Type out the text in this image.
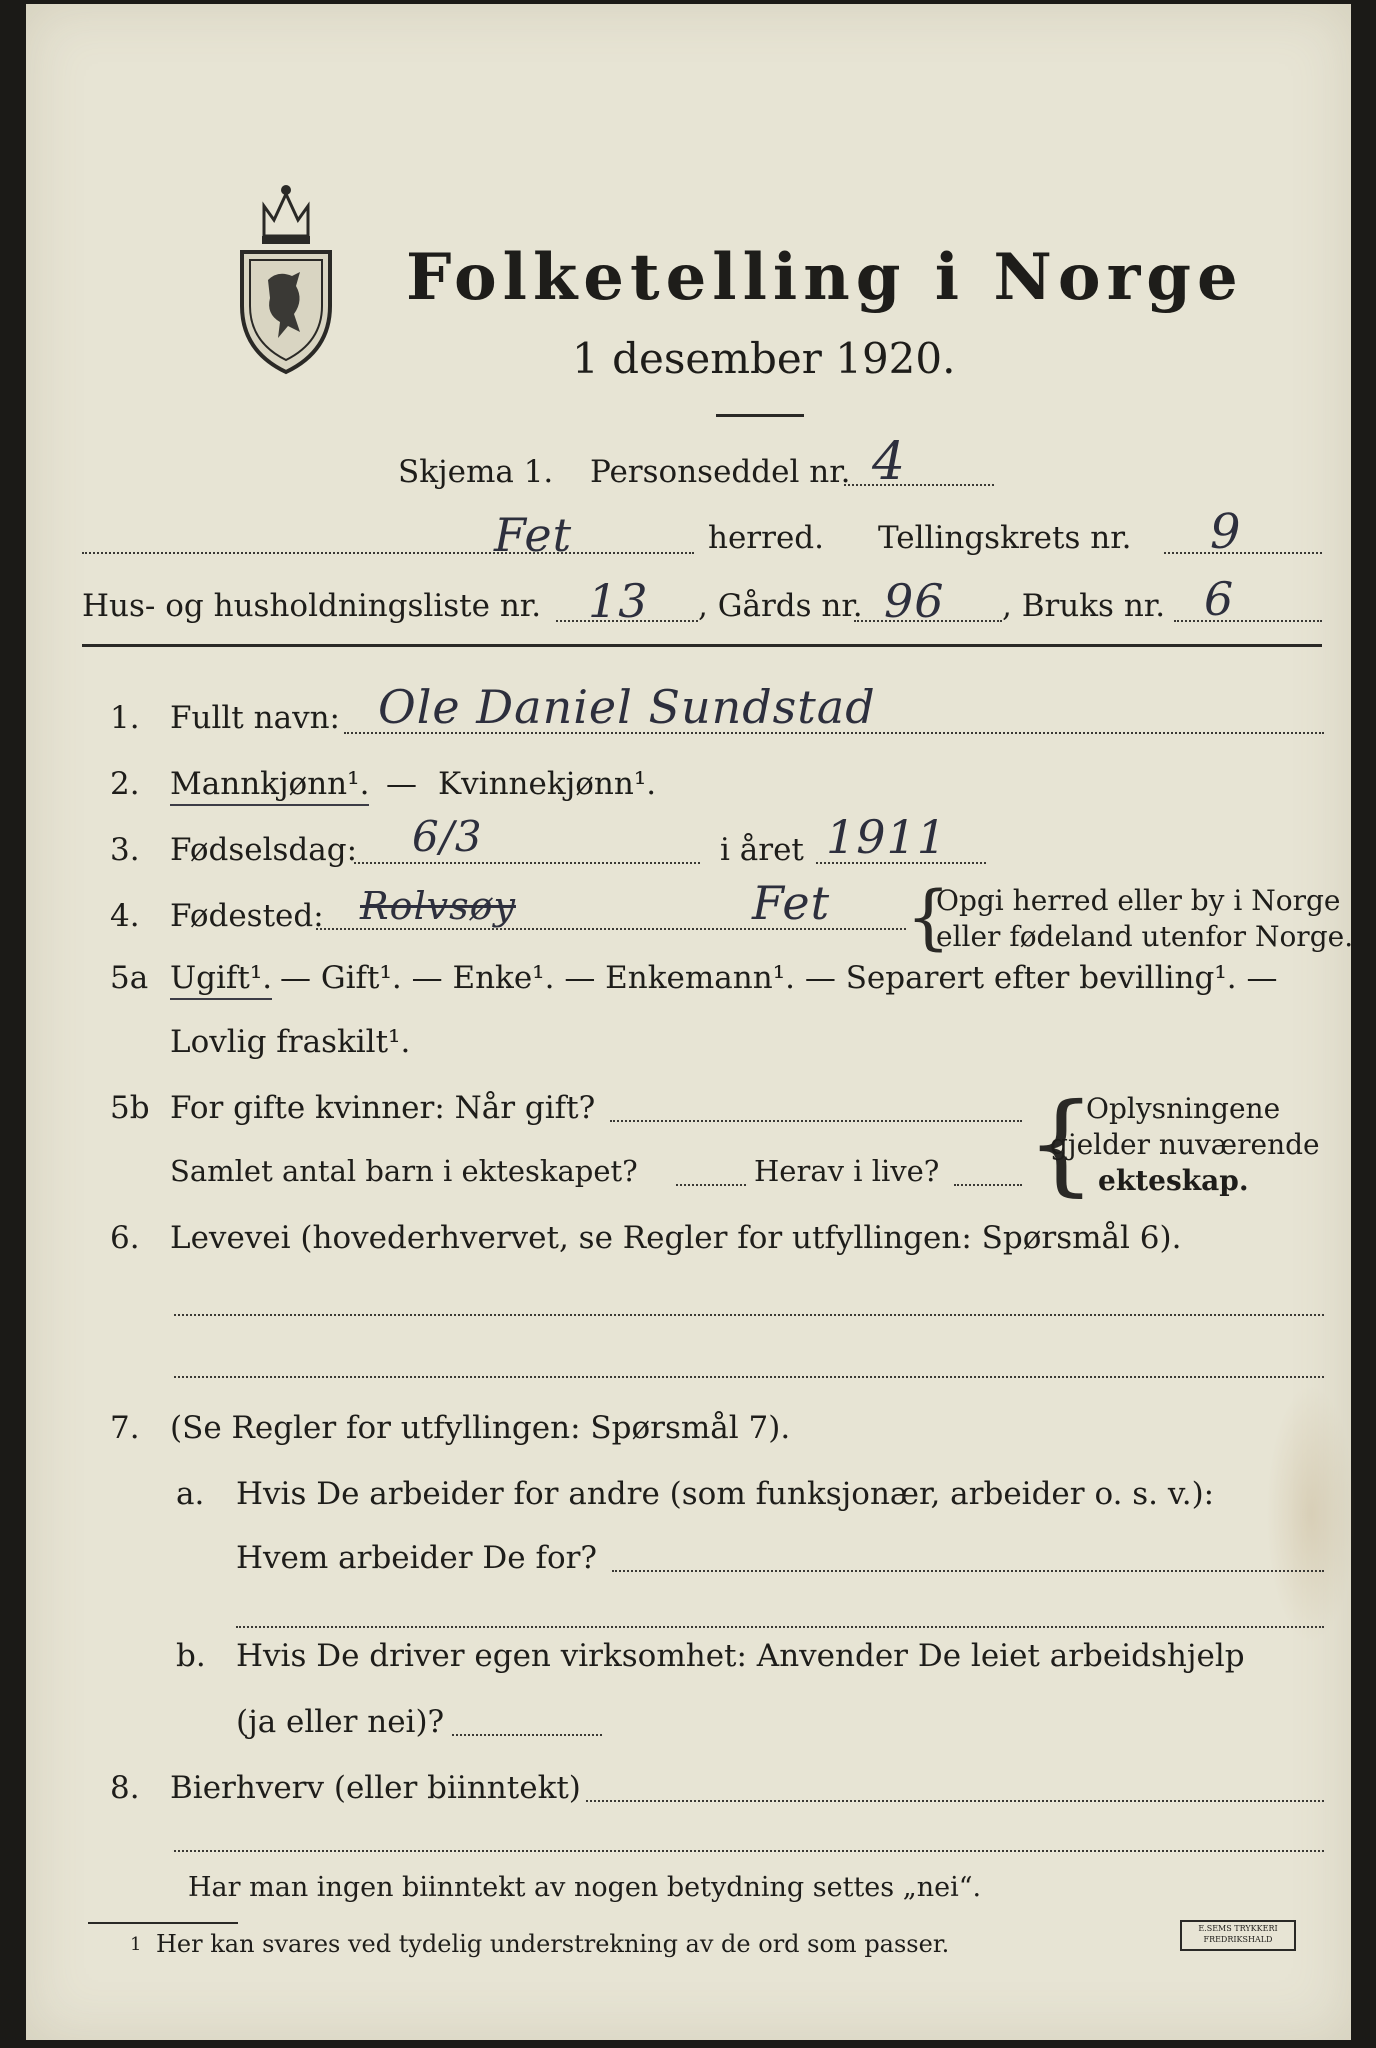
Folketelling i Norge
1 desember 1920.
Skjema 1. Personseddel nr. 4
Fet	herred. Tellingskrets nr. 9
Hus- og husholdningsliste nr. 13 , Gårds nr. 96 , Bruks nr. 6
1. Fullt navn: Ole Daniel Sundstad
2. Mannkjønn¹. — Kvinnekjønn¹.
3. Fødselsdag: 6/3	i året 1911
4. Fødested: Rolvsøy	Fet {
Opgi herred eller by i Norge
eller fødeland utenfor Norge.
5a Ugift¹. — Gift¹. — Enke¹. — Enkemann¹. — Separert efter bevilling¹. —
Lovlig fraskilt¹.
5b For gifte kvinner: Når gift?
Samlet antal barn i ekteskapet?	Herav i live? {
Oplysningene
gjelder nuværende
ekteskap.
6. Levevei (hovederhvervet, se Regler for utfyllingen: Spørsmål 6).
7. (Se Regler for utfyllingen: Spørsmål 7).
a. Hvis De arbeider for andre (som funksjonær, arbeider o. s. v.):
Hvem arbeider De for?
b. Hvis De driver egen virksomhet: Anvender De leiet arbeidshjelp
(ja eller nei)?
8. Bierhverv (eller biinntekt)
Har man ingen biinntekt av nogen betydning settes „nei“.
1 Her kan svares ved tydelig understrekning av de ord som passer.
E.SEMS TRYKKERI
FREDRIKSHALD
